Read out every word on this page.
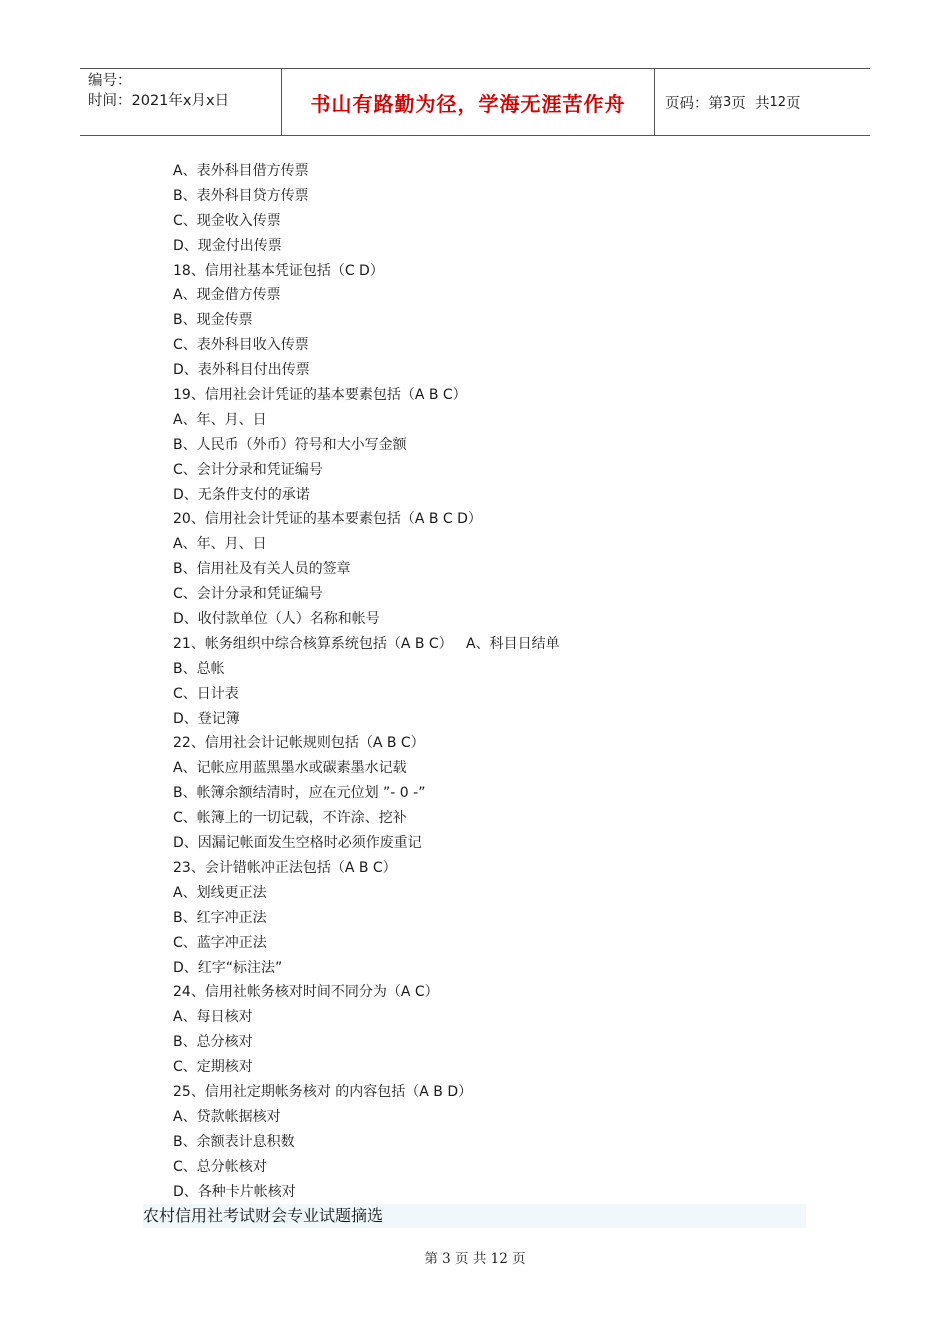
编号：
时间：2021年x月x日	书山有路勤为径，学海无涯苦作舟	页码：第 3 页  共 12 页
A、表外科目借方传票
B、表外科目贷方传票
C、现金收入传票
D、现金付出传票
18、信用社基本凭证包括（C D）
A、现金借方传票
B、现金传票
C、表外科目收入传票
D、表外科目付出传票
19、信用社会计凭证的基本要素包括（A B C）
A、年、月、日
B、人民币（外币）符号和大小写金额
C、会计分录和凭证编号
D、无条件支付的承诺
20、信用社会计凭证的基本要素包括（A B C D）
A、年、月、日
B、信用社及有关人员的签章
C、会计分录和凭证编号
D、收付款单位（人）名称和帐号
21、帐务组织中综合核算系统包括（A B C）   A、科目日结单
B、总帐
C、日计表
D、登记簿
22、信用社会计记帐规则包括（A B C）
A、记帐应用蓝黑墨水或碳素墨水记载
B、帐簿余额结清时，应在元位划 ”- 0 -”
C、帐簿上的一切记载，不许涂、挖补
D、因漏记帐面发生空格时必须作废重记
23、会计错帐冲正法包括（A B C）
A、划线更正法
B、红字冲正法
C、蓝字冲正法
D、红字“标注法”
24、信用社帐务核对时间不同分为（A C）
A、每日核对
B、总分核对
C、定期核对
25、信用社定期帐务核对 的内容包括（A B D）
A、贷款帐据核对
B、余额表计息积数
C、总分帐核对
D、各种卡片帐核对
农村信用社考试财会专业试题摘选
第 3 页 共 12 页
